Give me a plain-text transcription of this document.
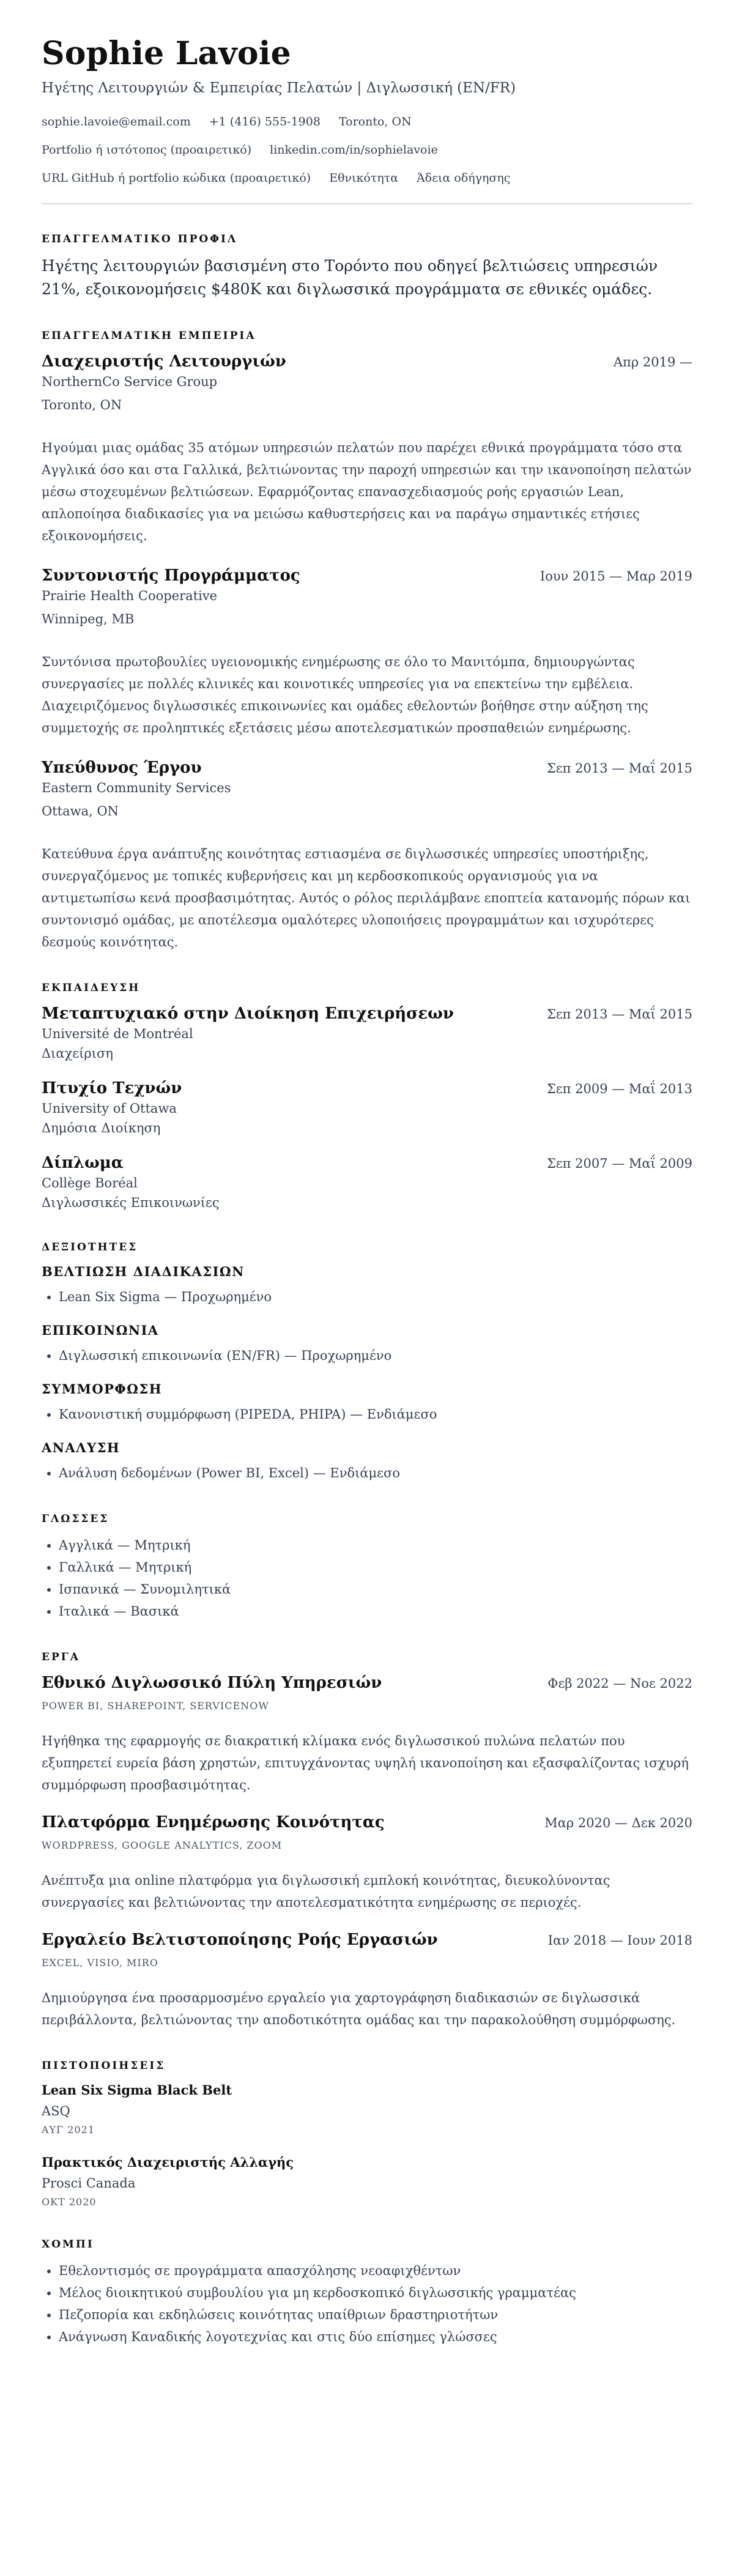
Sophie Lavoie

Ηγέτης Λειτουργιών & Εμπειρίας Πελατών | Διγλωσσική (EN/FR)

sophie.lavoie@email.com +1 (416) 555-1908 Toronto, ON
Portfolio ή ιστότοπος (προαιρετικό) linkedin.com/in/sophielavoie
URL GitHub ή portfolio κώδικα (προαιρετικό) Εθνικότητα Άδεια οδήγησης
ΕΠΑΓΓΕΛΜΑΤΙΚΟ ΠΡΟΦΙΛ

Ηγέτης λειτουργιών βασισμένη στο Τορόντο που οδηγεί βελτιώσεις υπηρεσιών 21%, εξοικονομήσεις $480K και διγλωσσικά προγράμματα σε εθνικές ομάδες.

ΕΠΑΓΓΕΛΜΑΤΙΚΗ ΕΜΠΕΙΡΙΑ
Διαχειριστής Λειτουργιών	Απρ 2019 —
NorthernCo Service Group
Toronto, ON

Ηγούμαι μιας ομάδας 35 ατόμων υπηρεσιών πελατών που παρέχει εθνικά προγράμματα τόσο στα Αγγλικά όσο και στα Γαλλικά, βελτιώνοντας την παροχή υπηρεσιών και την ικανοποίηση πελατών μέσω στοχευμένων βελτιώσεων. Εφαρμόζοντας επανασχεδιασμούς ροής εργασιών Lean, απλοποίησα διαδικασίες για να μειώσω καθυστερήσεις και να παράγω σημαντικές ετήσιες εξοικονομήσεις.

Συντονιστής Προγράμματος	Ιουν 2015 — Μαρ 2019
Prairie Health Cooperative
Winnipeg, MB

Συντόνισα πρωτοβουλίες υγειονομικής ενημέρωσης σε όλο το Μανιτόμπα, δημιουργώντας συνεργασίες με πολλές κλινικές και κοινοτικές υπηρεσίες για να επεκτείνω την εμβέλεια. Διαχειριζόμενος διγλωσσικές επικοινωνίες και ομάδες εθελοντών βοήθησε στην αύξηση της συμμετοχής σε προληπτικές εξετάσεις μέσω αποτελεσματικών προσπαθειών ενημέρωσης.

Υπεύθυνος Έργου	Σεπ 2013 — Μαΐ 2015
Eastern Community Services
Ottawa, ON

Κατεύθυνα έργα ανάπτυξης κοινότητας εστιασμένα σε διγλωσσικές υπηρεσίες υποστήριξης, συνεργαζόμενος με τοπικές κυβερνήσεις και μη κερδοσκοπικούς οργανισμούς για να αντιμετωπίσω κενά προσβασιμότητας. Αυτός ο ρόλος περιλάμβανε εποπτεία κατανομής πόρων και συντονισμό ομάδας, με αποτέλεσμα ομαλότερες υλοποιήσεις προγραμμάτων και ισχυρότερες δεσμούς κοινότητας.

ΕΚΠΑΙΔΕΥΣΗ
Μεταπτυχιακό στην Διοίκηση Επιχειρήσεων	Σεπ 2013 — Μαΐ 2015
Université de Montréal
Διαχείριση
Πτυχίο Τεχνών	Σεπ 2009 — Μαΐ 2013
University of Ottawa
Δημόσια Διοίκηση
Δίπλωμα	Σεπ 2007 — Μαΐ 2009
Collège Boréal
Διγλωσσικές Επικοινωνίες
ΔΕΞΙΟΤΗΤΕΣ
ΒΕΛΤΙΩΣΗ ΔΙΑΔΙΚΑΣΙΩΝ
• Lean Six Sigma — Προχωρημένο
ΕΠΙΚΟΙΝΩΝΙΑ
• Διγλωσσική επικοινωνία (EN/FR) — Προχωρημένο
ΣΥΜΜΟΡΦΩΣΗ
• Κανονιστική συμμόρφωση (PIPEDA, PHIPA) — Ενδιάμεσο
ΑΝΑΛΥΣΗ
• Ανάλυση δεδομένων (Power BI, Excel) — Ενδιάμεσο
ΓΛΩΣΣΕΣ
• Αγγλικά — Μητρική
• Γαλλικά — Μητρική
• Ισπανικά — Συνομιλητικά
• Ιταλικά — Βασικά
ΕΡΓΑ
Εθνικό Διγλωσσικό Πύλη Υπηρεσιών	Φεβ 2022 — Νοε 2022
POWER BI, SHAREPOINT, SERVICENOW

Ηγήθηκα της εφαρμογής σε διακρατική κλίμακα ενός διγλωσσικού πυλώνα πελατών που εξυπηρετεί ευρεία βάση χρηστών, επιτυγχάνοντας υψηλή ικανοποίηση και εξασφαλίζοντας ισχυρή συμμόρφωση προσβασιμότητας.

Πλατφόρμα Ενημέρωσης Κοινότητας	Μαρ 2020 — Δεκ 2020
WORDPRESS, GOOGLE ANALYTICS, ZOOM

Ανέπτυξα μια online πλατφόρμα για διγλωσσική εμπλοκή κοινότητας, διευκολύνοντας συνεργασίες και βελτιώνοντας την αποτελεσματικότητα ενημέρωσης σε περιοχές.

Εργαλείο Βελτιστοποίησης Ροής Εργασιών	Ιαν 2018 — Ιουν 2018
EXCEL, VISIO, MIRO

Δημιούργησα ένα προσαρμοσμένο εργαλείο για χαρτογράφηση διαδικασιών σε διγλωσσικά περιβάλλοντα, βελτιώνοντας την αποδοτικότητα ομάδας και την παρακολούθηση συμμόρφωσης.

ΠΙΣΤΟΠΟΙΗΣΕΙΣ
Lean Six Sigma Black Belt
ASQ
ΑΥΓ 2021
Πρακτικός Διαχειριστής Αλλαγής
Prosci Canada
ΟΚΤ 2020
ΧΟΜΠΙ
• Εθελοντισμός σε προγράμματα απασχόλησης νεοαφιχθέντων
• Μέλος διοικητικού συμβουλίου για μη κερδοσκοπικό διγλωσσικής γραμματέας
• Πεζοπορία και εκδηλώσεις κοινότητας υπαίθριων δραστηριοτήτων
• Ανάγνωση Καναδικής λογοτεχνίας και στις δύο επίσημες γλώσσες
